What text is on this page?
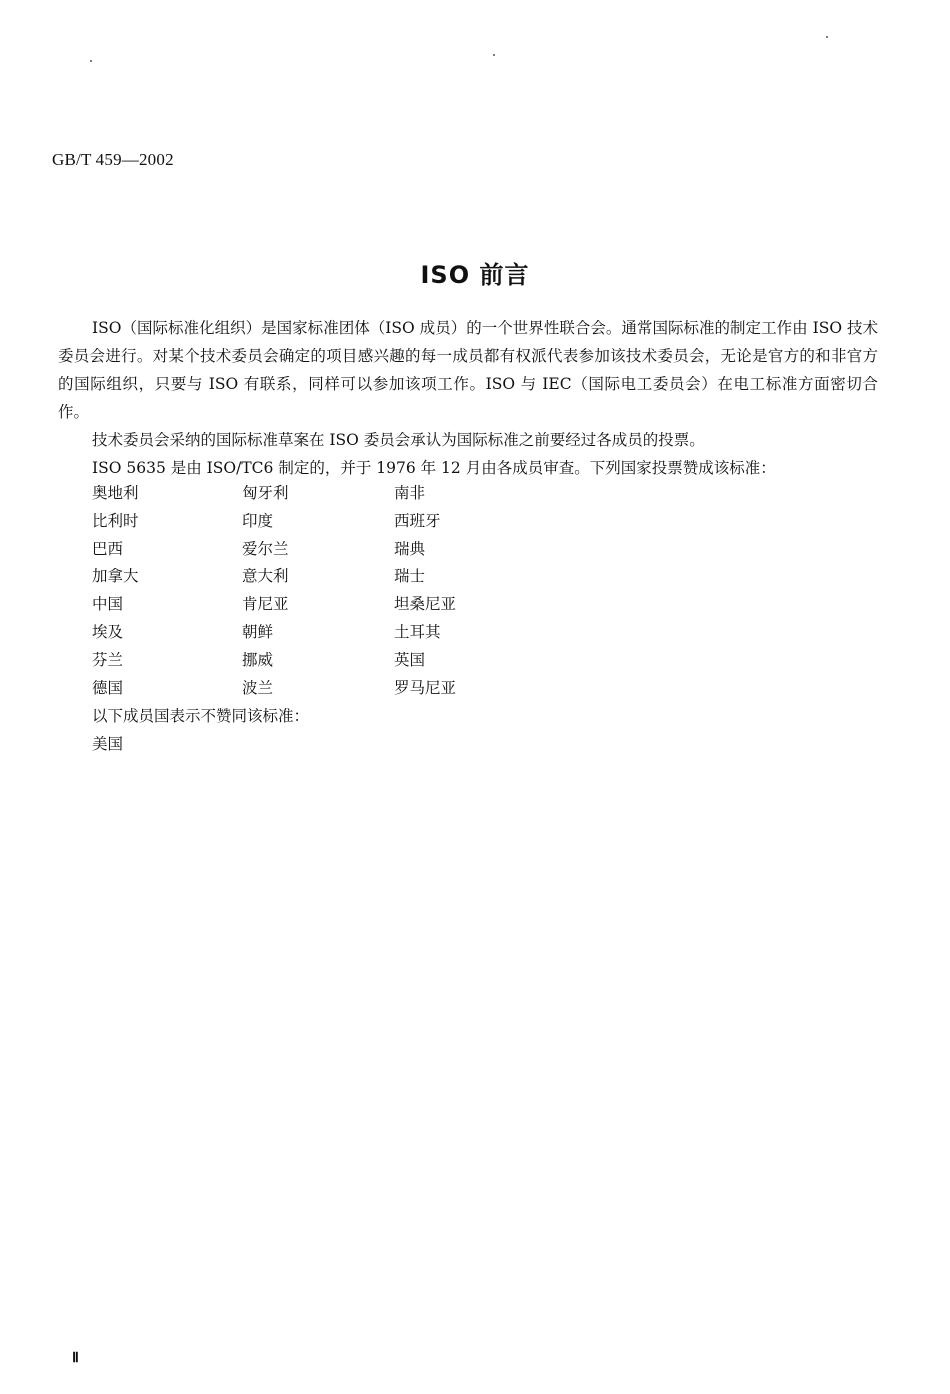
GB/T 459—2002
ISO 前言

ISO（国际标准化组织）是国家标准团体（ISO 成员）的一个世界性联合会。通常国际标准的制定工作由 ISO 技术委员会进行。对某个技术委员会确定的项目感兴趣的每一成员都有权派代表参加该技术委员会，无论是官方的和非官方的国际组织，只要与 ISO 有联系，同样可以参加该项工作。ISO 与 IEC（国际电工委员会）在电工标准方面密切合作。

技术委员会采纳的国际标准草案在 ISO 委员会承认为国际标准之前要经过各成员的投票。

ISO 5635 是由 ISO/TC6 制定的，并于 1976 年 12 月由各成员审查。下列国家投票赞成该标准：

奥地利	匈牙利	南非
比利时	印度	西班牙
巴西	爱尔兰	瑞典
加拿大	意大利	瑞士
中国	肯尼亚	坦桑尼亚
埃及	朝鲜	土耳其
芬兰	挪威	英国
德国	波兰	罗马尼亚
以下成员国表示不赞同该标准：
美国
Ⅱ
